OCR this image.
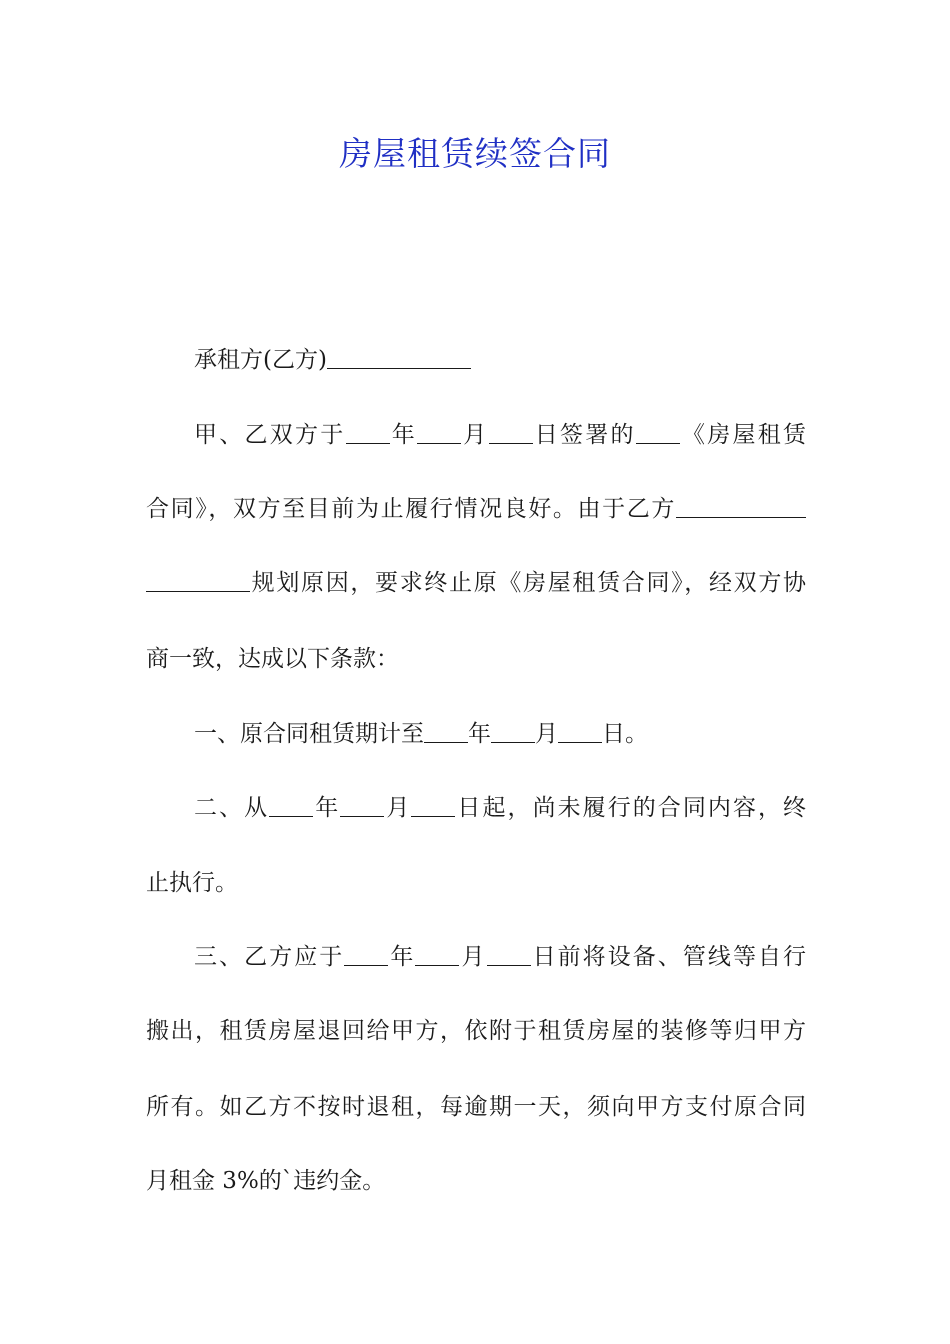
房屋租赁续签合同
承租方(乙方)
甲、乙双方于 年 月 日签署的 《房屋租赁
合同》，双方至目前为止履行情况良好。由于乙方
规划原因，要求终止原《房屋租赁合同》，经双方协
商一致，达成以下条款：
一、原合同租赁期计至 年 月 日。
二、从 年 月 日起，尚未履行的合同内容，终
止执行。
三、乙方应于 年 月 日前将设备、管线等自行
搬出，租赁房屋退回给甲方，依附于租赁房屋的装修等归甲方
所有。如乙方不按时退租，每逾期一天，须向甲方支付原合同
月租金 3%的`违约金。
